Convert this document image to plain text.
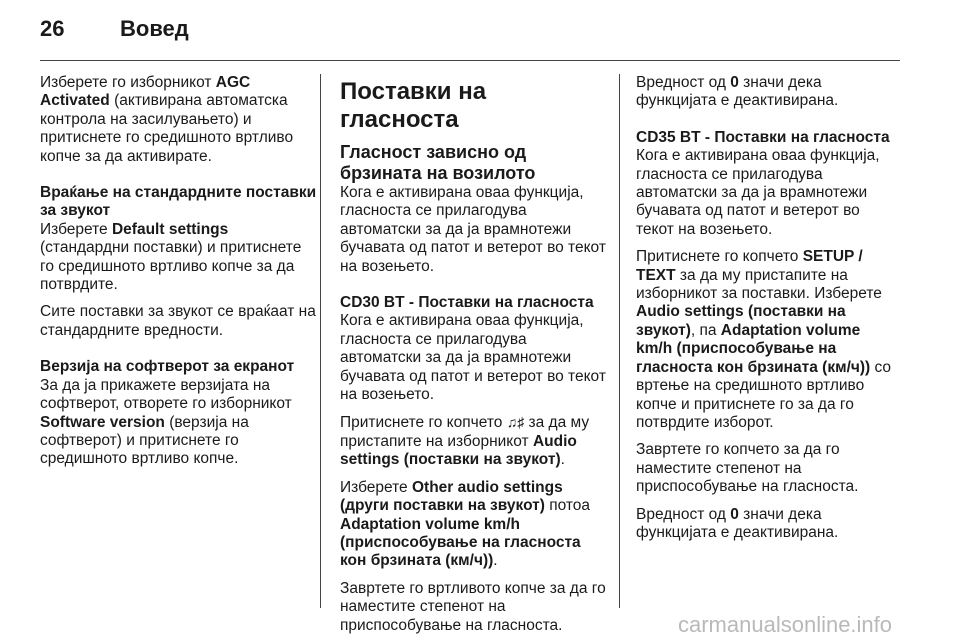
26	Вовед

Изберете го изборникот AGC Activated (активирана автоматска контрола на засилувањето) и притиснете го средишното вртливо копче за да активирате.

Враќање на стандардните поставки за звукот

Изберете Default settings (стандардни поставки) и притиснете го средишното вртливо копче за да потврдите.

Сите поставки за звукот се враќаат на стандардните вредности.

Верзија на софтверот за екранот

За да ја прикажете верзијата на софтверот, отворете го изборникот Software version (верзија на софтверот) и притиснете го средишното вртливо копче.

Поставки на гласноста
Гласност зависно од брзината на возилото

Кога е активирана оваа функција, гласноста се прилагодува автоматски за да ја врамнотежи бучавата од патот и ветерот во текот на возењето.

CD30 BT - Поставки на гласноста

Кога е активирана оваа функција, гласноста се прилагодува автоматски за да ја врамнотежи бучавата од патот и ветерот во текот на возењето.

Притиснете го копчето ♫♯ за да му пристапите на изборникот Audio settings (поставки на звукот).

Изберете Other audio settings (други поставки на звукот) потоа Adaptation volume km/h (приспособување на гласноста кон брзината (км/ч)).

Завртете го вртливото копче за да го наместите степенот на приспособување на гласноста.

Вредност од 0 значи дека функцијата е деактивирана.

CD35 BT - Поставки на гласноста

Кога е активирана оваа функција, гласноста се прилагодува автоматски за да ја врамнотежи бучавата од патот и ветерот во текот на возењето.

Притиснете го копчето SETUP / TEXT за да му пристапите на изборникот за поставки. Изберете Audio settings (поставки на звукот), па Adaptation volume km/h (приспособување на гласноста кон брзината (км/ч)) со вртење на средишното вртливо копче и притиснете го за да го потврдите изборот.

Завртете го копчето за да го наместите степенот на приспособување на гласноста.

Вредност од 0 значи дека функцијата е деактивирана.

carmanualsonline.info
